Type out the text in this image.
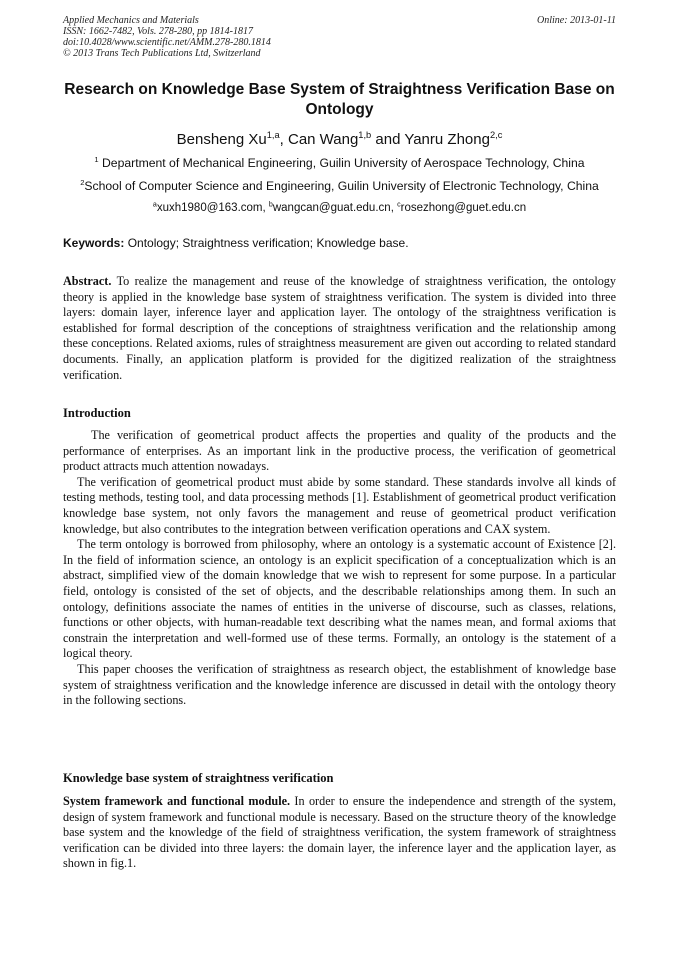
Applied Mechanics and Materials
ISSN: 1662-7482, Vols. 278-280, pp 1814-1817
doi:10.4028/www.scientific.net/AMM.278-280.1814
© 2013 Trans Tech Publications Ltd, Switzerland
Online: 2013-01-11
Research on Knowledge Base System of Straightness Verification Base on Ontology
Bensheng Xu$^{1,a}$, Can Wang$^{1,b}$ and Yanru Zhong$^{2,c}$
$^1$ Department of Mechanical Engineering, Guilin University of Aerospace Technology, China
$^2$School of Computer Science and Engineering, Guilin University of Electronic Technology, China
$^a$xuxh1980@163.com, $^b$wangcan@guat.edu.cn, $^c$rosezhong@guet.edu.cn
Keywords: Ontology; Straightness verification; Knowledge base.
Abstract. To realize the management and reuse of the knowledge of straightness verification, the ontology theory is applied in the knowledge base system of straightness verification. The system is divided into three layers: domain layer, inference layer and application layer. The ontology of the straightness verification is established for formal description of the conceptions of straightness verification and the relationship among these conceptions. Related axioms, rules of straightness measurement are given out according to related standard documents. Finally, an application platform is provided for the digitized realization of the straightness verification.
Introduction

The verification of geometrical product affects the properties and quality of the products and the performance of enterprises. As an important link in the productive process, the verification of geometrical product attracts much attention nowadays.

The verification of geometrical product must abide by some standard. These standards involve all kinds of testing methods, testing tool, and data processing methods [1]. Establishment of geometrical product verification knowledge base system, not only favors the management and reuse of geometrical product verification knowledge, but also contributes to the integration between verification operations and CAX system.

The term ontology is borrowed from philosophy, where an ontology is a systematic account of Existence [2]. In the field of information science, an ontology is an explicit specification of a conceptualization which is an abstract, simplified view of the domain knowledge that we wish to represent for some purpose. In a particular field, ontology is consisted of the set of objects, and the describable relationships among them. In such an ontology, definitions associate the names of entities in the universe of discourse, such as classes, relations, functions or other objects, with human-readable text describing what the names mean, and formal axioms that constrain the interpretation and well-formed use of these terms. Formally, an ontology is the statement of a logical theory.

This paper chooses the verification of straightness as research object, the establishment of knowledge base system of straightness verification and the knowledge inference are discussed in detail with the ontology theory in the following sections.

Knowledge base system of straightness verification
System framework and functional module. In order to ensure the independence and strength of the system, design of system framework and functional module is necessary. Based on the structure theory of the knowledge base system and the knowledge of the field of straightness verification, the system framework of straightness verification can be divided into three layers: the domain layer, the inference layer and the application layer, as shown in fig.1.
